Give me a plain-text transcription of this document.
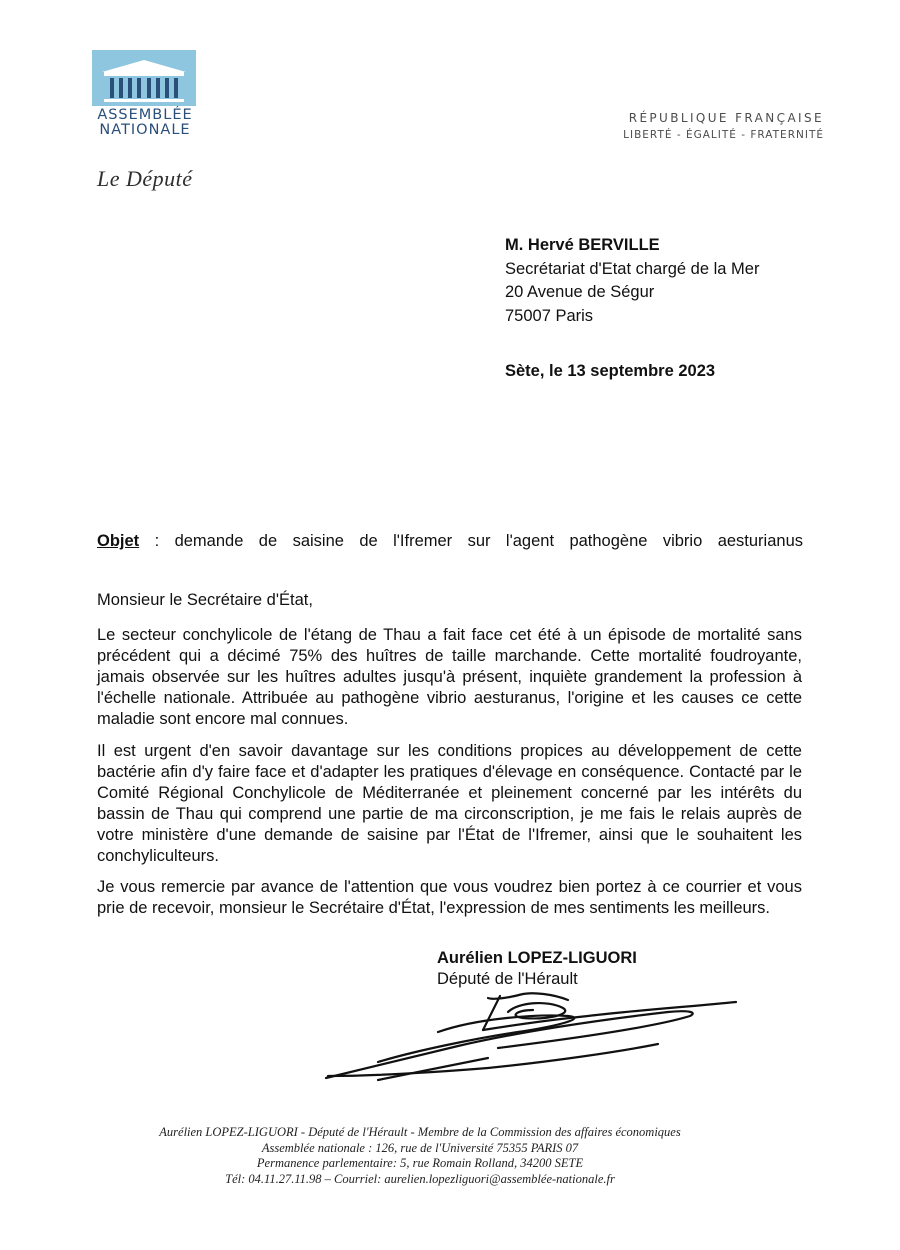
ASSEMBLÉE
NATIONALE
Le Député
RÉPUBLIQUE FRANÇAISE
LIBERTÉ - ÉGALITÉ - FRATERNITÉ
M. Hervé BERVILLE
Secrétariat d'Etat chargé de la Mer
20 Avenue de Ségur
75007 Paris
Sète, le 13 septembre 2023
Objet : demande de saisine de l'Ifremer sur l'agent pathogène vibrio aesturianus
Monsieur le Secrétaire d'État,

Le secteur conchylicole de l'étang de Thau a fait face cet été à un épisode de mortalité sans précédent qui a décimé 75% des huîtres de taille marchande. Cette mortalité foudroyante, jamais observée sur les huîtres adultes jusqu'à présent, inquiète grandement la profession à l'échelle nationale. Attribuée au pathogène vibrio aesturanus, l'origine et les causes ce cette maladie sont encore mal connues.

Il est urgent d'en savoir davantage sur les conditions propices au développement de cette bactérie afin d'y faire face et d'adapter les pratiques d'élevage en conséquence. Contacté par le Comité Régional Conchylicole de Méditerranée et pleinement concerné par les intérêts du bassin de Thau qui comprend une partie de ma circonscription, je me fais le relais auprès de votre ministère d'une demande de saisine par l'État de l'Ifremer, ainsi que le souhaitent les conchyliculteurs.

Je vous remercie par avance de l'attention que vous voudrez bien portez à ce courrier et vous prie de recevoir, monsieur le Secrétaire d'État, l'expression de mes sentiments les meilleurs.

Aurélien LOPEZ-LIGUORI
Député de l'Hérault
Aurélien LOPEZ-LIGUORI - Député de l'Hérault - Membre de la Commission des affaires économiques
Assemblée nationale : 126, rue de l'Université 75355 PARIS 07
Permanence parlementaire: 5, rue Romain Rolland, 34200 SETE
Tél: 04.11.27.11.98 – Courriel: aurelien.lopezliguori@assemblée-nationale.fr
